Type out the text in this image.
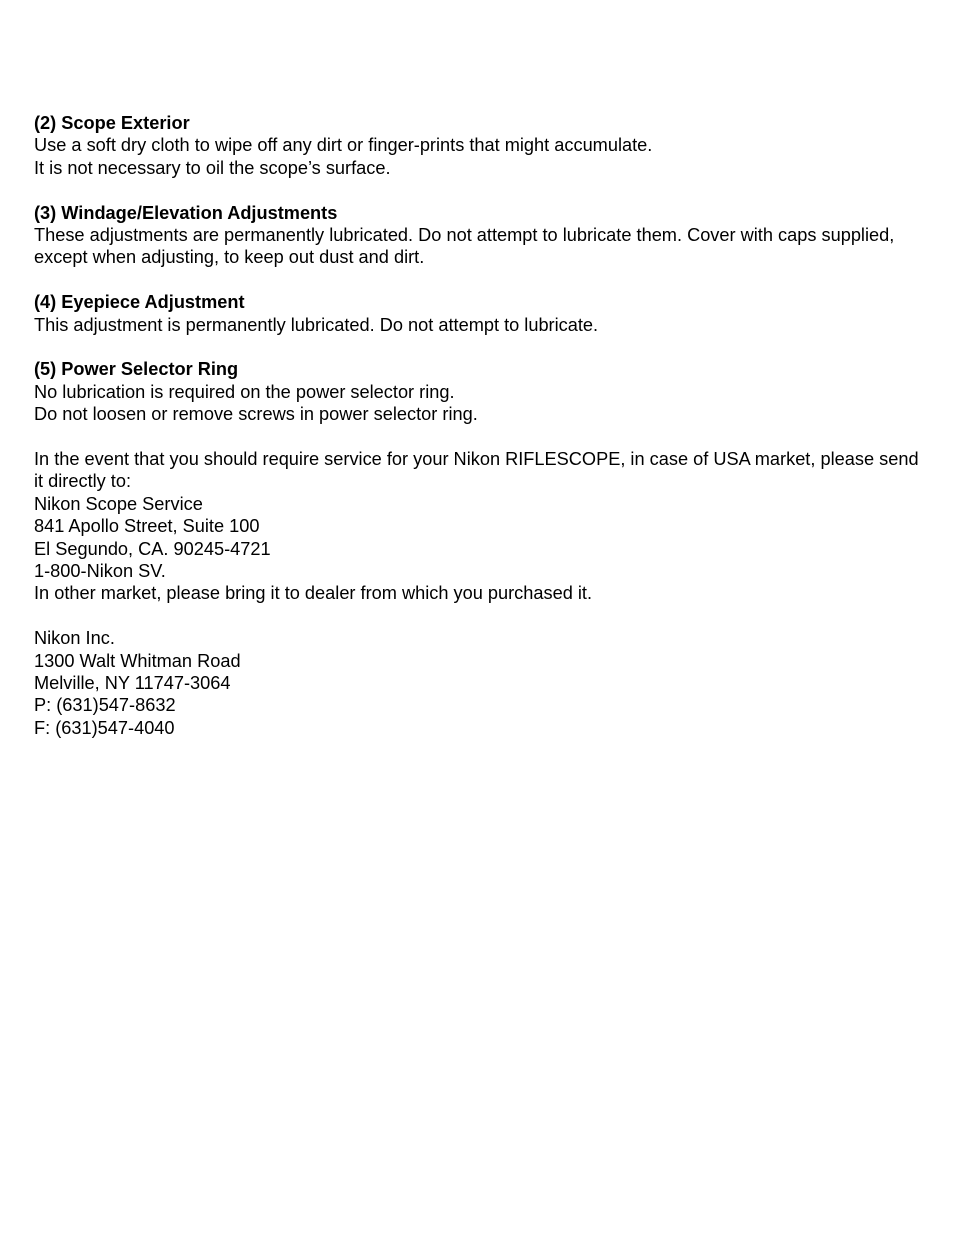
(2) Scope Exterior
Use a soft dry cloth to wipe off any dirt or finger-prints that might accumulate.
It is not necessary to oil the scope’s surface.
(3) Windage/Elevation Adjustments
These adjustments are permanently lubricated. Do not attempt to lubricate them. Cover with caps supplied, except when adjusting, to keep out dust and dirt.
(4) Eyepiece Adjustment
This adjustment is permanently lubricated. Do not attempt to lubricate.
(5) Power Selector Ring
No lubrication is required on the power selector ring.
Do not loosen or remove screws in power selector ring.
In the event that you should require service for your Nikon RIFLESCOPE, in case of USA market, please send it directly to:
Nikon Scope Service
841 Apollo Street, Suite 100
El Segundo, CA. 90245-4721
1-800-Nikon SV.
In other market, please bring it to dealer from which you purchased it.
Nikon Inc.
1300 Walt Whitman Road
Melville, NY 11747-3064
P: (631)547-8632
F: (631)547-4040
